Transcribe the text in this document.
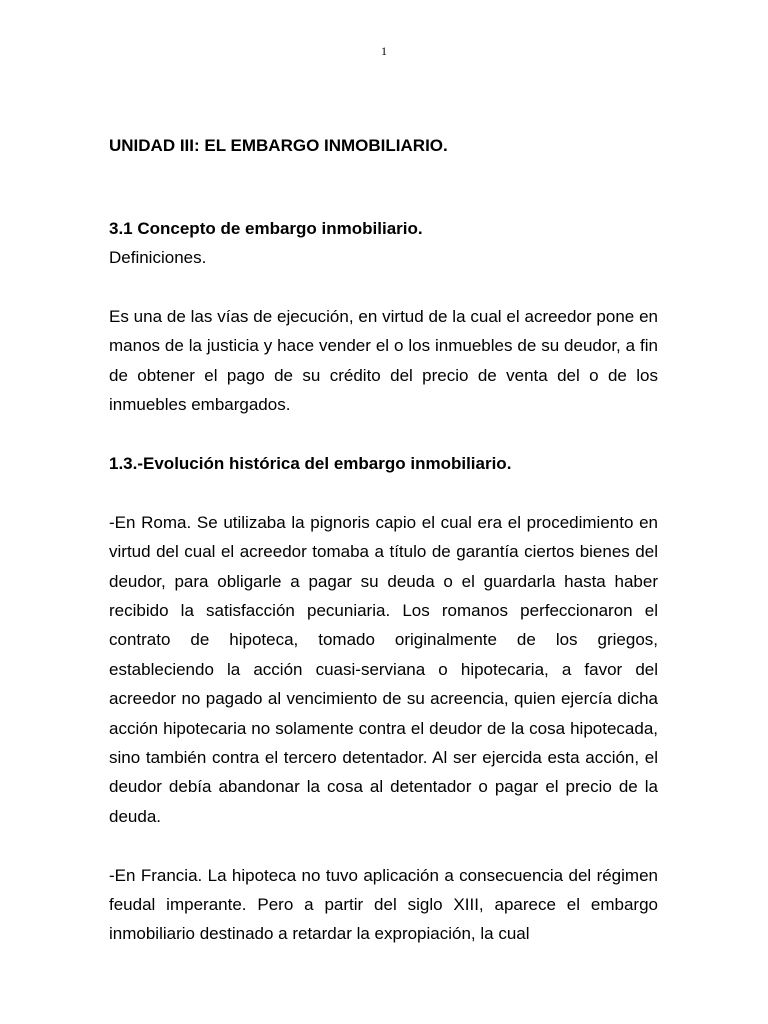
1

UNIDAD III: EL EMBARGO INMOBILIARIO.

3.1 Concepto de embargo inmobiliario.

Definiciones.

Es una de las vías de ejecución, en virtud de la cual el acreedor pone en manos de la justicia y hace vender el o los inmuebles de su deudor, a fin de obtener el pago de su crédito del precio de venta del o de los inmuebles embargados.

1.3.-Evolución histórica del embargo inmobiliario.

-En Roma. Se utilizaba la pignoris capio el cual era el procedimiento en virtud del cual el acreedor tomaba a título de garantía ciertos bienes del deudor, para obligarle a pagar su deuda o el guardarla hasta haber recibido la satisfacción pecuniaria. Los romanos perfeccionaron el contrato de hipoteca, tomado originalmente de los griegos, estableciendo la acción cuasi-serviana o hipotecaria, a favor del acreedor no pagado al vencimiento de su acreencia, quien ejercía dicha acción hipotecaria no solamente contra el deudor de la cosa hipotecada, sino también contra el tercero detentador. Al ser ejercida esta acción, el deudor debía abandonar la cosa al detentador o pagar el precio de la deuda.

-En Francia. La hipoteca no tuvo aplicación a consecuencia del régimen feudal imperante. Pero a partir del siglo XIII, aparece el embargo inmobiliario destinado a retardar la expropiación, la cual
